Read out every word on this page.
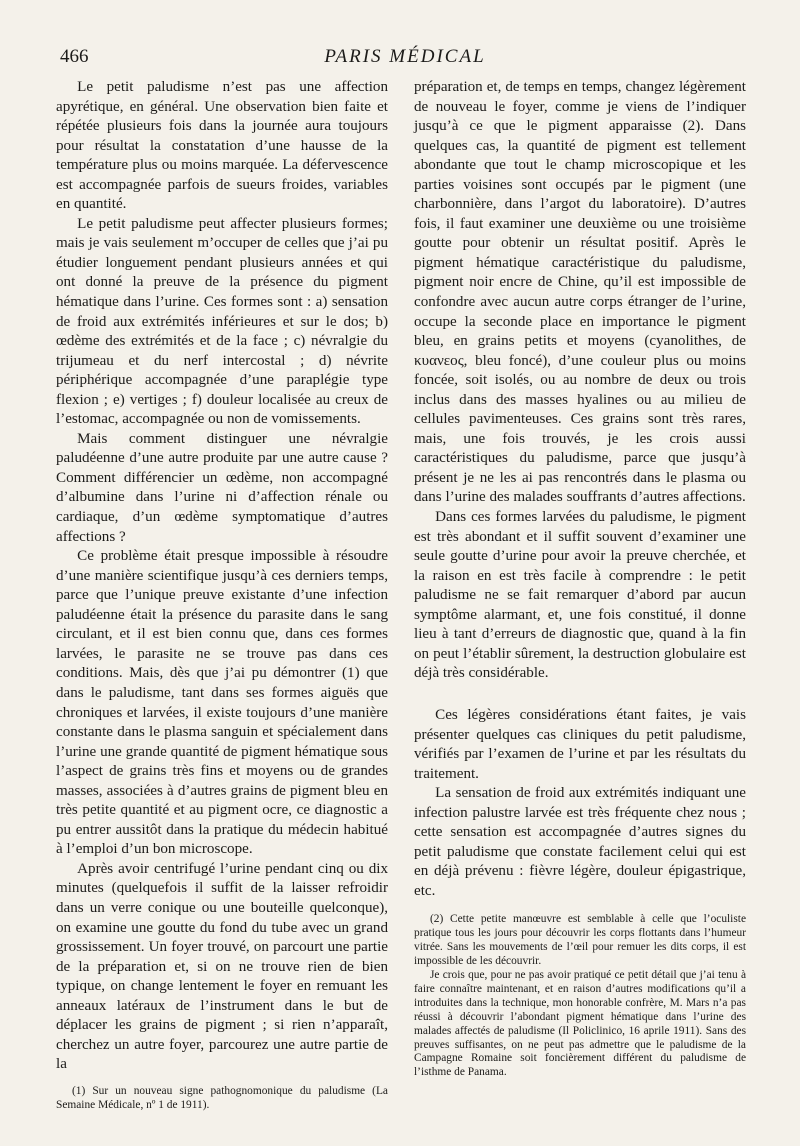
466	PARIS MÉDICAL

Le petit paludisme n’est pas une affection apyrétique, en général. Une observation bien faite et répétée plusieurs fois dans la journée aura toujours pour résultat la constatation d’une hausse de la température plus ou moins marquée. La défervescence est accompagnée parfois de sueurs froides, variables en quantité.

Le petit paludisme peut affecter plusieurs formes; mais je vais seulement m’occuper de celles que j’ai pu étudier longuement pendant plusieurs années et qui ont donné la preuve de la présence du pigment hématique dans l’urine. Ces formes sont : a) sensation de froid aux extrémités inférieures et sur le dos; b) œdème des extrémités et de la face ; c) névralgie du trijumeau et du nerf intercostal ; d) névrite périphérique accompagnée d’une paraplégie type flexion ; e) vertiges ; f) douleur localisée au creux de l’estomac, accompagnée ou non de vomissements.

Mais comment distinguer une névralgie paludéenne d’une autre produite par une autre cause ? Comment différencier un œdème, non accompagné d’albumine dans l’urine ni d’affection rénale ou cardiaque, d’un œdème symptomatique d’autres affections ?

Ce problème était presque impossible à résoudre d’une manière scientifique jusqu’à ces derniers temps, parce que l’unique preuve existante d’une infection paludéenne était la présence du parasite dans le sang circulant, et il est bien connu que, dans ces formes larvées, le parasite ne se trouve pas dans ces conditions. Mais, dès que j’ai pu démontrer (1) que dans le paludisme, tant dans ses formes aiguës que chroniques et larvées, il existe toujours d’une manière constante dans le plasma sanguin et spécialement dans l’urine une grande quantité de pigment hématique sous l’aspect de grains très fins et moyens ou de grandes masses, associées à d’autres grains de pigment bleu en très petite quantité et au pigment ocre, ce diagnostic a pu entrer aussitôt dans la pratique du médecin habitué à l’emploi d’un bon microscope.

Après avoir centrifugé l’urine pendant cinq ou dix minutes (quelquefois il suffit de la laisser refroidir dans un verre conique ou une bouteille quelconque), on examine une goutte du fond du tube avec un grand grossissement. Un foyer trouvé, on parcourt une partie de la préparation et, si on ne trouve rien de bien typique, on change lentement le foyer en remuant les anneaux latéraux de l’instrument dans le but de déplacer les grains de pigment ; si rien n’apparaît, cherchez un autre foyer, parcourez une autre partie de la

(1) Sur un nouveau signe pathognomonique du paludisme (La Semaine Médicale, nº 1 de 1911).

préparation et, de temps en temps, changez légèrement de nouveau le foyer, comme je viens de l’indiquer jusqu’à ce que le pigment apparaisse (2). Dans quelques cas, la quantité de pigment est tellement abondante que tout le champ microscopique et les parties voisines sont occupés par le pigment (une charbonnière, dans l’argot du laboratoire). D’autres fois, il faut examiner une deuxième ou une troisième goutte pour obtenir un résultat positif. Après le pigment hématique caractéristique du paludisme, pigment noir encre de Chine, qu’il est impossible de confondre avec aucun autre corps étranger de l’urine, occupe la seconde place en importance le pigment bleu, en grains petits et moyens (cyanolithes, de κυανεος, bleu foncé), d’une couleur plus ou moins foncée, soit isolés, ou au nombre de deux ou trois inclus dans des masses hyalines ou au milieu de cellules pavimenteuses. Ces grains sont très rares, mais, une fois trouvés, je les crois aussi caractéristiques du paludisme, parce que jusqu’à présent je ne les ai pas rencontrés dans le plasma ou dans l’urine des malades souffrants d’autres affections.

Dans ces formes larvées du paludisme, le pigment est très abondant et il suffit souvent d’examiner une seule goutte d’urine pour avoir la preuve cherchée, et la raison en est très facile à comprendre : le petit paludisme ne se fait remarquer d’abord par aucun symptôme alarmant, et, une fois constitué, il donne lieu à tant d’erreurs de diagnostic que, quand à la fin on peut l’établir sûrement, la destruction globulaire est déjà très considérable.

Ces légères considérations étant faites, je vais présenter quelques cas cliniques du petit paludisme, vérifiés par l’examen de l’urine et par les résultats du traitement.

La sensation de froid aux extrémités indiquant une infection palustre larvée est très fréquente chez nous ; cette sensation est accompagnée d’autres signes du petit paludisme que constate facilement celui qui est en déjà prévenu : fièvre légère, douleur épigastrique, etc.

(2) Cette petite manœuvre est semblable à celle que l’oculiste pratique tous les jours pour découvrir les corps flottants dans l’humeur vitrée. Sans les mouvements de l’œil pour remuer les dits corps, il est impossible de les découvrir.

Je crois que, pour ne pas avoir pratiqué ce petit détail que j’ai tenu à faire connaître maintenant, et en raison d’autres modifications qu’il a introduites dans la technique, mon honorable confrère, M. Mars n’a pas réussi à découvrir l’abondant pigment hématique dans l’urine des malades affectés de paludisme (Il Policlinico, 16 aprile 1911). Sans des preuves suffisantes, on ne peut pas admettre que le paludisme de la Campagne Romaine soit foncièrement différent du paludisme de l’isthme de Panama.
